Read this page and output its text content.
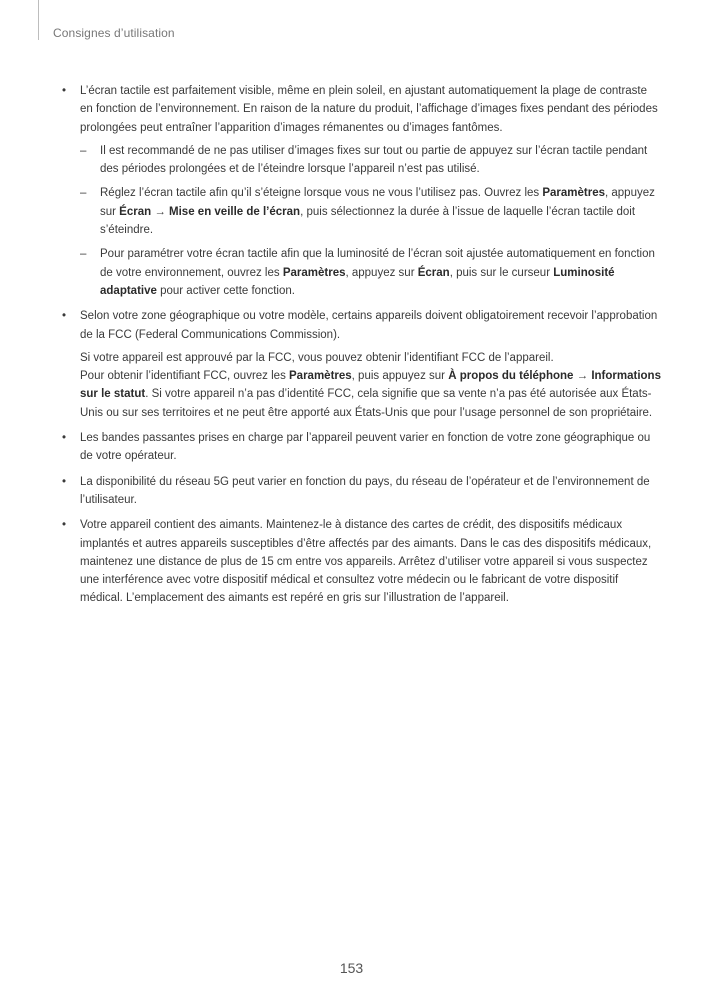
Consignes d’utilisation
• L’écran tactile est parfaitement visible, même en plein soleil, en ajustant automatiquement la plage de contraste en fonction de l’environnement. En raison de la nature du produit, l’affichage d’images fixes pendant des périodes prolongées peut entraîner l’apparition d’images rémanentes ou d’images fantômes.

– Il est recommandé de ne pas utiliser d’images fixes sur tout ou partie de appuyez sur l’écran tactile pendant des périodes prolongées et de l’éteindre lorsque l’appareil n’est pas utilisé.

– Réglez l’écran tactile afin qu’il s’éteigne lorsque vous ne vous l’utilisez pas. Ouvrez les Paramètres, appuyez sur Écran → Mise en veille de l’écran, puis sélectionnez la durée à l’issue de laquelle l’écran tactile doit s’éteindre.

– Pour paramétrer votre écran tactile afin que la luminosité de l’écran soit ajustée automatiquement en fonction de votre environnement, ouvrez les Paramètres, appuyez sur Écran, puis sur le curseur Luminosité adaptative pour activer cette fonction.

• Selon votre zone géographique ou votre modèle, certains appareils doivent obligatoirement recevoir l’approbation de la FCC (Federal Communications Commission).

Si votre appareil est approuvé par la FCC, vous pouvez obtenir l’identifiant FCC de l’appareil.
Pour obtenir l’identifiant FCC, ouvrez les Paramètres, puis appuyez sur À propos du téléphone → Informations sur le statut. Si votre appareil n’a pas d’identité FCC, cela signifie que sa vente n’a pas été autorisée aux États-Unis ou sur ses territoires et ne peut être apporté aux États-Unis que pour l’usage personnel de son propriétaire.

• Les bandes passantes prises en charge par l’appareil peuvent varier en fonction de votre zone géographique ou de votre opérateur.

• La disponibilité du réseau 5G peut varier en fonction du pays, du réseau de l’opérateur et de l’environnement de l’utilisateur.

• Votre appareil contient des aimants. Maintenez-le à distance des cartes de crédit, des dispositifs médicaux implantés et autres appareils susceptibles d’être affectés par des aimants. Dans le cas des dispositifs médicaux, maintenez une distance de plus de 15 cm entre vos appareils. Arrêtez d’utiliser votre appareil si vous suspectez une interférence avec votre dispositif médical et consultez votre médecin ou le fabricant de votre dispositif médical. L’emplacement des aimants est repéré en gris sur l’illustration de l’appareil.

153
